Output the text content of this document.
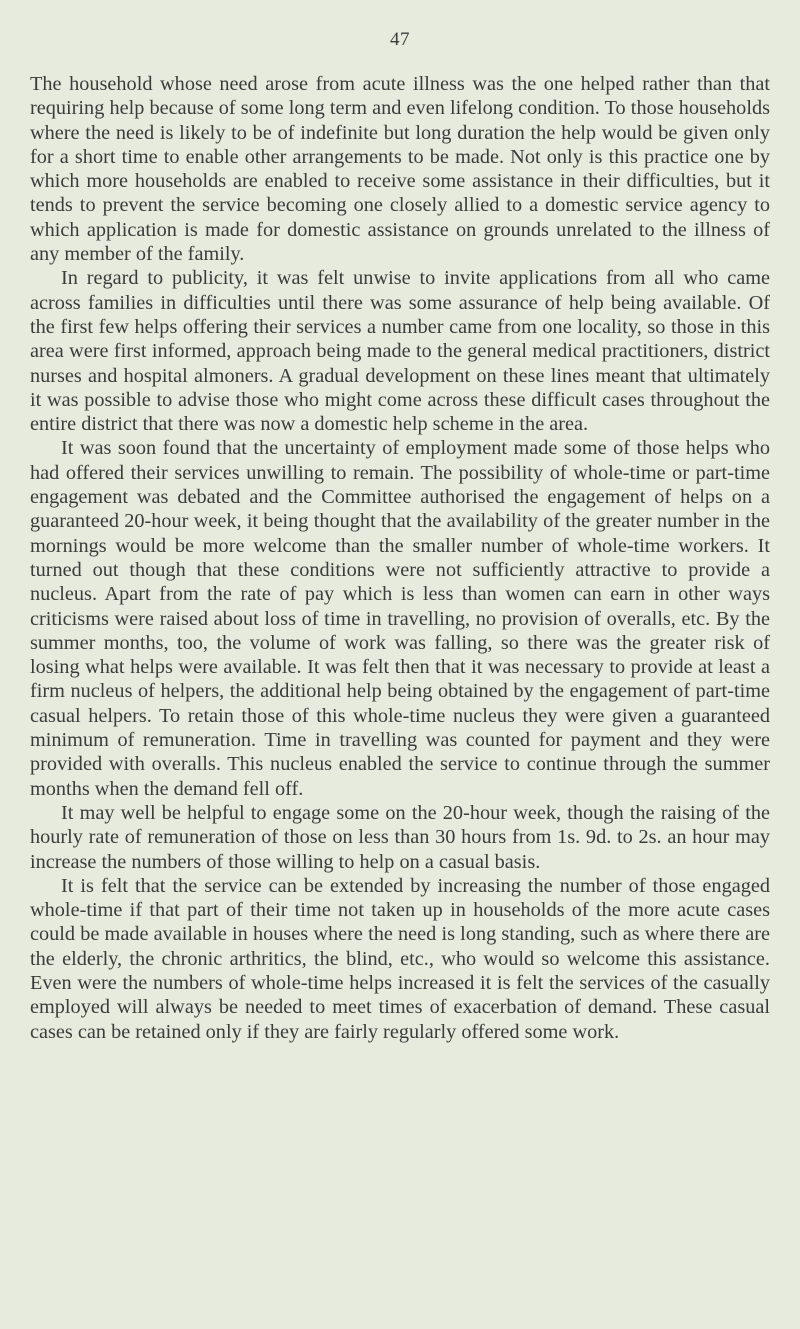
47

The household whose need arose from acute illness was the one helped rather than that requiring help because of some long term and even lifelong condition. To those households where the need is likely to be of indefinite but long duration the help would be given only for a short time to enable other arrangements to be made. Not only is this practice one by which more households are enabled to receive some assistance in their difficulties, but it tends to prevent the service becoming one closely allied to a domestic service agency to which application is made for domestic assistance on grounds unrelated to the illness of any member of the family.

In regard to publicity, it was felt unwise to invite applications from all who came across families in difficulties until there was some assurance of help being available. Of the first few helps offering their services a number came from one locality, so those in this area were first informed, approach being made to the general medical practitioners, district nurses and hospital almoners. A gradual development on these lines meant that ultimately it was possible to advise those who might come across these difficult cases throughout the entire district that there was now a domestic help scheme in the area.

It was soon found that the uncertainty of employment made some of those helps who had offered their services unwilling to remain. The possibility of whole-time or part-time engagement was debated and the Committee authorised the engagement of helps on a guaranteed 20-hour week, it being thought that the availability of the greater number in the mornings would be more welcome than the smaller number of whole-time workers. It turned out though that these conditions were not sufficiently attractive to provide a nucleus. Apart from the rate of pay which is less than women can earn in other ways criticisms were raised about loss of time in travelling, no provision of overalls, etc. By the summer months, too, the volume of work was falling, so there was the greater risk of losing what helps were available. It was felt then that it was necessary to provide at least a firm nucleus of helpers, the additional help being obtained by the engagement of part-time casual helpers. To retain those of this whole-time nucleus they were given a guaranteed minimum of remuneration. Time in travelling was counted for payment and they were provided with overalls. This nucleus enabled the service to continue through the summer months when the demand fell off.

It may well be helpful to engage some on the 20-hour week, though the raising of the hourly rate of remuneration of those on less than 30 hours from 1s. 9d. to 2s. an hour may increase the numbers of those willing to help on a casual basis.

It is felt that the service can be extended by increasing the number of those engaged whole-time if that part of their time not taken up in households of the more acute cases could be made available in houses where the need is long standing, such as where there are the elderly, the chronic arthritics, the blind, etc., who would so welcome this assistance. Even were the numbers of whole-time helps increased it is felt the services of the casually employed will always be needed to meet times of exacerbation of demand. These casual cases can be retained only if they are fairly regularly offered some work.
